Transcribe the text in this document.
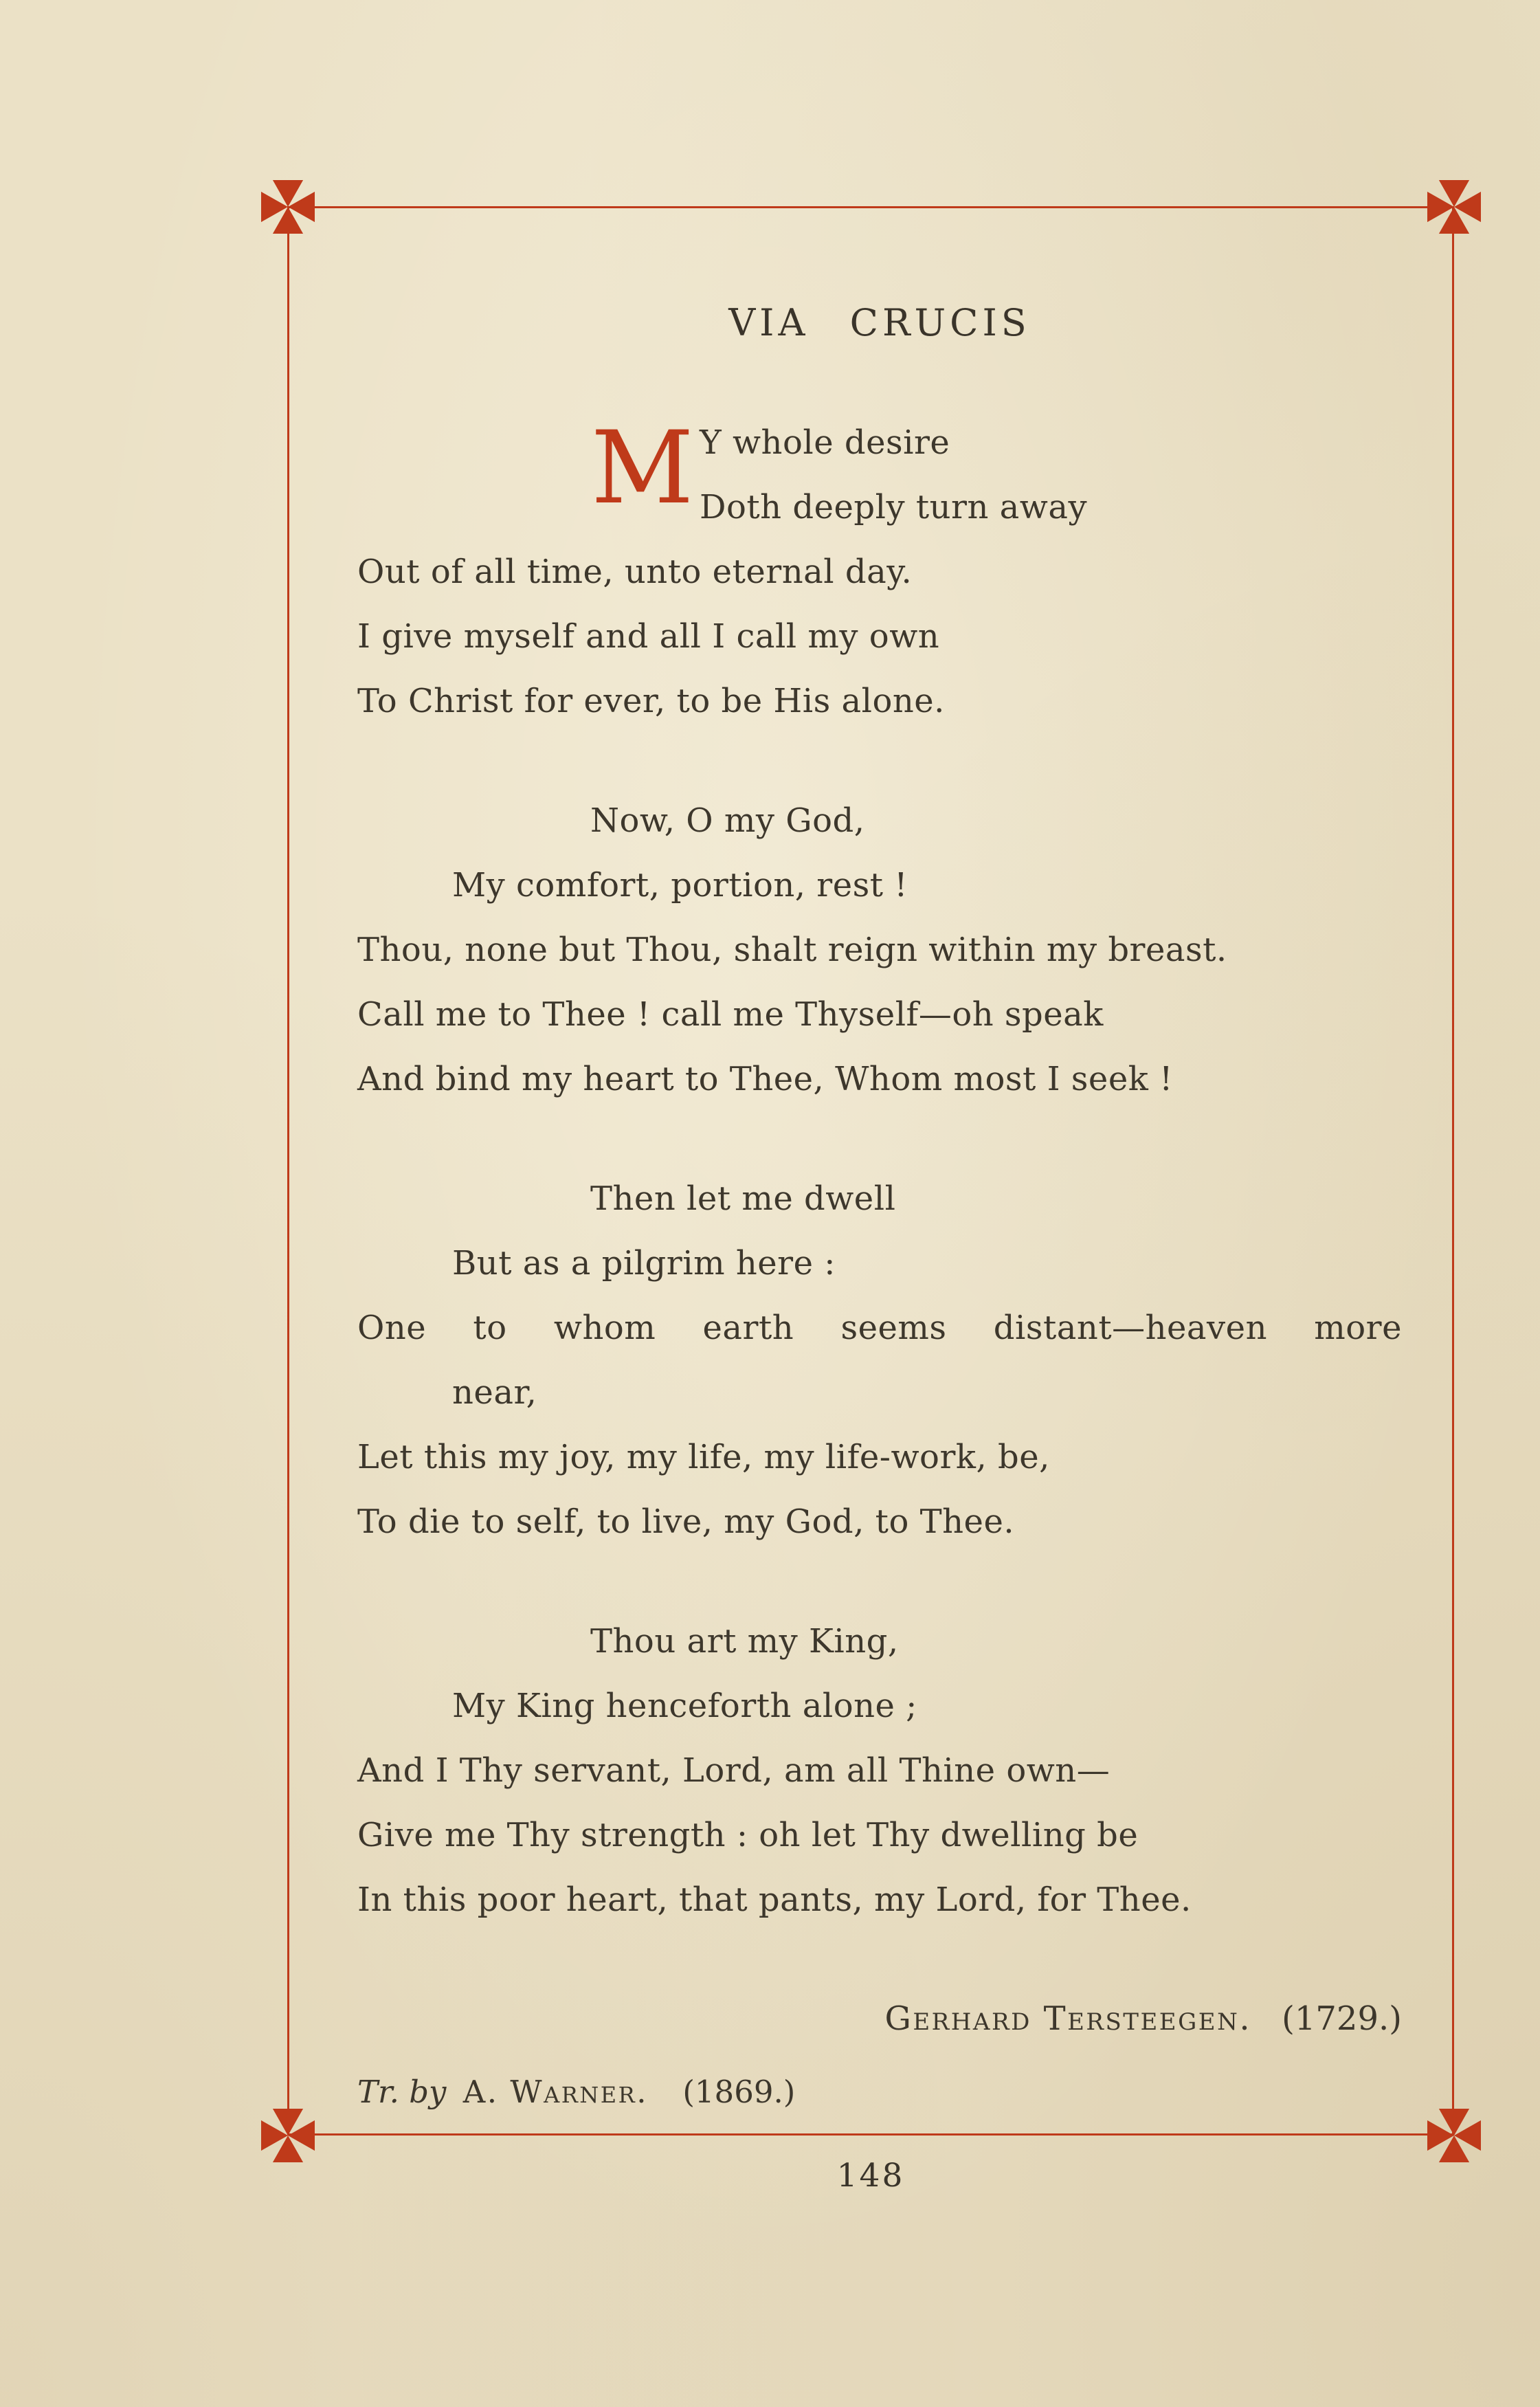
VIA CRUCIS
M Y whole desire
Doth deeply turn away
Out of all time, unto eternal day.
I give myself and all I call my own
To Christ for ever, to be His alone.
Now, O my God,
My comfort, portion, rest !
Thou, none but Thou, shalt reign within my breast.
Call me to Thee ! call me Thyself—oh speak
And bind my heart to Thee, Whom most I seek !
Then let me dwell
But as a pilgrim here :
One to whom earth seems distant—heaven more
near,
Let this my joy, my life, my life-work, be,
To die to self, to live, my God, to Thee.
Thou art my King,
My King henceforth alone ;
And I Thy servant, Lord, am all Thine own—
Give me Thy strength : oh let Thy dwelling be
In this poor heart, that pants, my Lord, for Thee.
Gerhard Tersteegen. (1729.)
Tr. by A. Warner. (1869.)
148
